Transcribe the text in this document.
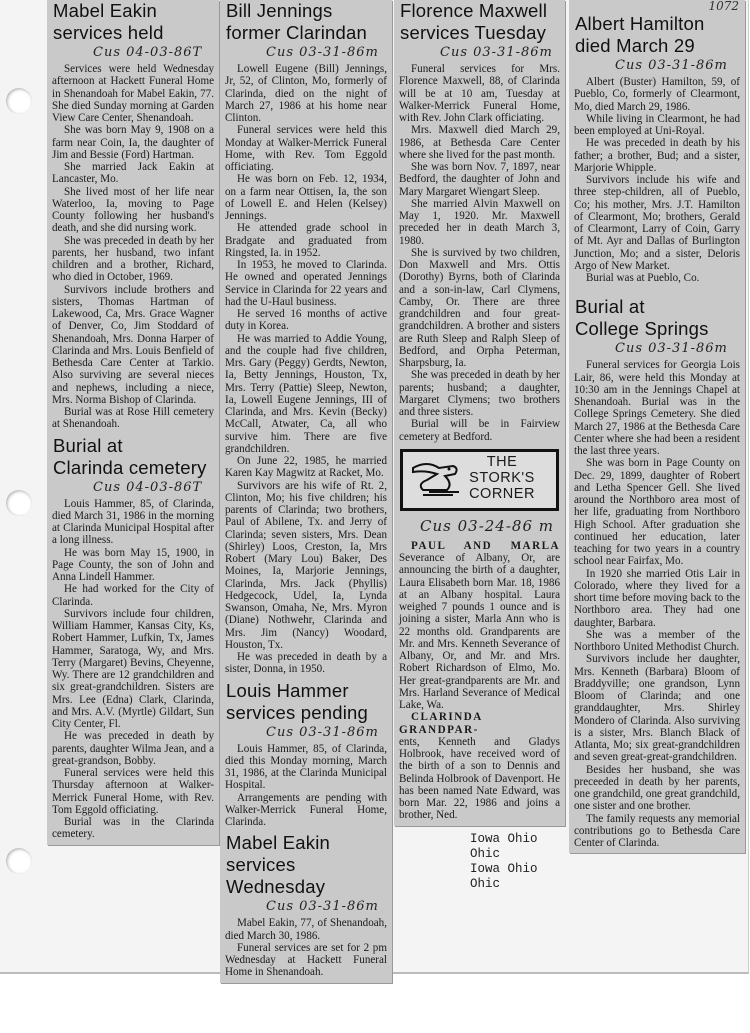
Mabel Eakin
services held
Cus 04-03-86T

Services were held Wednesday afternoon at Hackett Funeral Home in Shenandoah for Mabel Eakin, 77. She died Sunday morning at Garden View Care Center, Shenandoah.

She was born May 9, 1908 on a farm near Coin, Ia, the daughter of Jim and Bessie (Ford) Hartman.

She married Jack Eakin at Lancaster, Mo.

She lived most of her life near Waterloo, Ia, moving to Page County following her husband's death, and she did nursing work.

She was preceded in death by her parents, her husband, two infant children and a brother, Richard, who died in October, 1969.

Survivors include brothers and sisters, Thomas Hartman of Lakewood, Ca, Mrs. Grace Wagner of Denver, Co, Jim Stoddard of Shenandoah, Mrs. Donna Harper of Clarinda and Mrs. Louis Benfield of Bethesda Care Center at Tarkio. Also surviving are several nieces and nephews, including a niece, Mrs. Norma Bishop of Clarinda.

Burial was at Rose Hill cemetery at Shenandoah.

Burial at
Clarinda cemetery
Cus 04-03-86T

Louis Hammer, 85, of Clarinda, died March 31, 1986 in the morning at Clarinda Municipal Hospital after a long illness.

He was born May 15, 1900, in Page County, the son of John and Anna Lindell Hammer.

He had worked for the City of Clarinda.

Survivors include four children, William Hammer, Kansas City, Ks, Robert Hammer, Lufkin, Tx, James Hammer, Saratoga, Wy, and Mrs. Terry (Margaret) Bevins, Cheyenne, Wy. There are 12 grandchildren and six great-grandchildren. Sisters are Mrs. Lee (Edna) Clark, Clarinda, and Mrs. A.V. (Myrtle) Gildart, Sun City Center, Fl.

He was preceded in death by parents, daughter Wilma Jean, and a great-grandson, Bobby.

Funeral services were held this Thursday afternoon at Walker-Merrick Funeral Home, with Rev. Tom Eggold officiating.

Burial was in the Clarinda cemetery.

Bill Jennings
former Clarindan
Cus 03-31-86m

Lowell Eugene (Bill) Jennings, Jr, 52, of Clinton, Mo, formerly of Clarinda, died on the night of March 27, 1986 at his home near Clinton.

Funeral services were held this Monday at Walker-Merrick Funeral Home, with Rev. Tom Eggold officiating.

He was born on Feb. 12, 1934, on a farm near Ottisen, Ia, the son of Lowell E. and Helen (Kelsey) Jennings.

He attended grade school in Bradgate and graduated from Ringsted, Ia. in 1952.

In 1953, he moved to Clarinda. He owned and operated Jennings Service in Clarinda for 22 years and had the U-Haul business.

He served 16 months of active duty in Korea.

He was married to Addie Young, and the couple had five children, Mrs. Gary (Peggy) Gerdts, Newton, Ia, Betty Jennings, Houston, Tx, Mrs. Terry (Pattie) Sleep, Newton, Ia, Lowell Eugene Jennings, III of Clarinda, and Mrs. Kevin (Becky) McCall, Atwater, Ca, all who survive him. There are five grandchildren.

On June 22, 1985, he married Karen Kay Magwitz at Racket, Mo.

Survivors are his wife of Rt. 2, Clinton, Mo; his five children; his parents of Clarinda; two brothers, Paul of Abilene, Tx. and Jerry of Clarinda; seven sisters, Mrs. Dean (Shirley) Loos, Creston, Ia, Mrs Robert (Mary Lou) Baker, Des Moines, Ia, Marjorie Jennings, Clarinda, Mrs. Jack (Phyllis) Hedgecock, Udel, Ia, Lynda Swanson, Omaha, Ne, Mrs. Myron (Diane) Nothwehr, Clarinda and Mrs. Jim (Nancy) Woodard, Houston, Tx.

He was preceded in death by a sister, Donna, in 1950.

Louis Hammer
services pending
Cus 03-31-86m

Louis Hammer, 85, of Clarinda, died this Monday morning, March 31, 1986, at the Clarinda Municipal Hospital.

Arrangements are pending with Walker-Merrick Funeral Home, Clarinda.

Mabel Eakin
services Wednesday
Cus 03-31-86m

Mabel Eakin, 77, of Shenandoah, died March 30, 1986.

Funeral services are set for 2 pm Wednesday at Hackett Funeral Home in Shenandoah.

Florence Maxwell
services Tuesday
Cus 03-31-86m

Funeral services for Mrs. Florence Maxwell, 88, of Clarinda will be at 10 am, Tuesday at Walker-Merrick Funeral Home, with Rev. John Clark officiating.

Mrs. Maxwell died March 29, 1986, at Bethesda Care Center where she lived for the past month.

She was born Nov. 7, 1897, near Bedford, the daughter of John and Mary Margaret Wiengart Sleep.

She married Alvin Maxwell on May 1, 1920. Mr. Maxwell preceded her in death March 3, 1980.

She is survived by two children, Don Maxwell and Mrs. Ottis (Dorothy) Byrns, both of Clarinda and a son-in-law, Carl Clymens, Camby, Or. There are three grandchildren and four great-grandchildren. A brother and sisters are Ruth Sleep and Ralph Sleep of Bedford, and Orpha Peterman, Sharpsburg, Ia.

She was preceded in death by her parents; husband; a daughter, Margaret Clymens; two brothers and three sisters.

Burial will be in Fairview cemetery at Bedford.

THE
STORK'S
CORNER
Cus 03-24-86 m

PAUL AND MARLA

Severance of Albany, Or, are announcing the birth of a daughter, Laura Elisabeth born Mar. 18, 1986 at an Albany hospital. Laura weighed 7 pounds 1 ounce and is joining a sister, Marla Ann who is 22 months old. Grandparents are Mr. and Mrs. Kenneth Severance of Albany, Or, and Mr. and Mrs. Robert Richardson of Elmo, Mo. Her great-grandparents are Mr. and Mrs. Harland Severance of Medical Lake, Wa.

CLARINDA GRANDPAR-

ents, Kenneth and Gladys Holbrook, have received word of the birth of a son to Dennis and Belinda Holbrook of Davenport. He has been named Nate Edward, was born Mar. 22, 1986 and joins a brother, Ned.

Iowa Ohio Ohic
Iowa Ohio Ohic
1072
Albert Hamilton
died March 29
Cus 03-31-86m

Albert (Buster) Hamilton, 59, of Pueblo, Co, formerly of Clearmont, Mo, died March 29, 1986.

While living in Clearmont, he had been employed at Uni-Royal.

He was preceded in death by his father; a brother, Bud; and a sister, Marjorie Whipple.

Survivors include his wife and three step-children, all of Pueblo, Co; his mother, Mrs. J.T. Hamilton of Clearmont, Mo; brothers, Gerald of Clearmont, Larry of Coin, Garry of Mt. Ayr and Dallas of Burlington Junction, Mo; and a sister, Deloris Argo of New Market.

Burial was at Pueblo, Co.

Burial at
College Springs
Cus 03-31-86m

Funeral services for Georgia Lois Lair, 86, were held this Monday at 10:30 am in the Jennings Chapel at Shenandoah. Burial was in the College Springs Cemetery. She died March 27, 1986 at the Bethesda Care Center where she had been a resident the last three years.

She was born in Page County on Dec. 29, 1899, daughter of Robert and Letha Spencer Gell. She lived around the Northboro area most of her life, graduating from Northboro High School. After graduation she continued her education, later teaching for two years in a country school near Fairfax, Mo.

In 1920 she married Otis Lair in Colorado, where they lived for a short time before moving back to the Northboro area. They had one daughter, Barbara.

She was a member of the Northboro United Methodist Church.

Survivors include her daughter, Mrs. Kenneth (Barbara) Bloom of Braddyville; one grandson, Lynn Bloom of Clarinda; and one granddaughter, Mrs. Shirley Mondero of Clarinda. Also surviving is a sister, Mrs. Blanch Black of Atlanta, Mo; six great-grandchildren and seven great-great-grandchildren.

Besides her husband, she was preceeded in death by her parents, one grandchild, one great grandchild, one sister and one brother.

The family requests any memorial contributions go to Bethesda Care Center of Clarinda.
